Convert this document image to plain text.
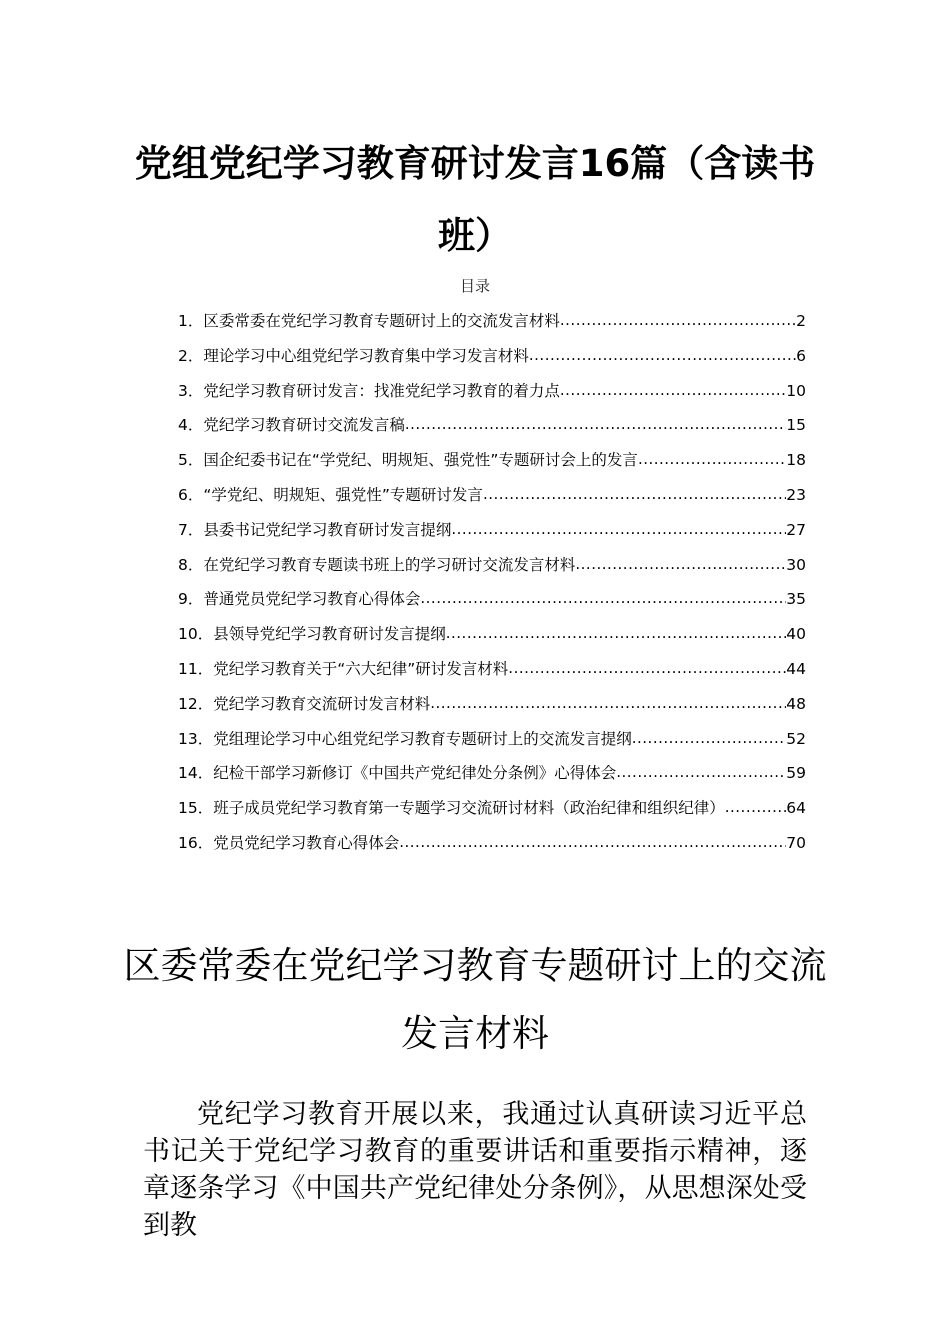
党组党纪学习教育研讨发言16篇（含读书班）
目录
1． 区委常委在党纪学习教育专题研讨上的交流发言材料 .....	2
2． 理论学习中心组党纪学习教育集中学习发言材料 .....	6
3． 党纪学习教育研讨发言：找准党纪学习教育的着力点 .....	10
4． 党纪学习教育研讨交流发言稿 .....	15
5． 国企纪委书记在“学党纪、明规矩、强党性”专题研讨会上的发言 .....	18
6． “学党纪、明规矩、强党性”专题研讨发言 .....	23
7． 县委书记党纪学习教育研讨发言提纲 .....	27
8． 在党纪学习教育专题读书班上的学习研讨交流发言材料 .....	30
9． 普通党员党纪学习教育心得体会 .....	35
10． 县领导党纪学习教育研讨发言提纲 .....	40
11． 党纪学习教育关于“六大纪律”研讨发言材料 .....	44
12． 党纪学习教育交流研讨发言材料 .....	48
13． 党组理论学习中心组党纪学习教育专题研讨上的交流发言提纲 .....	52
14． 纪检干部学习新修订《中国共产党纪律处分条例》心得体会 .....	59
15． 班子成员党纪学习教育第一专题学习交流研讨材料（政治纪律和组织纪律） .....	64
16． 党员党纪学习教育心得体会 .....	70
区委常委在党纪学习教育专题研讨上的交流发言材料

党纪学习教育开展以来，我通过认真研读习近平总书记关于党纪学习教育的重要讲话和重要指示精神，逐章逐条学习《中国共产党纪律处分条例》，从思想深处受到教
